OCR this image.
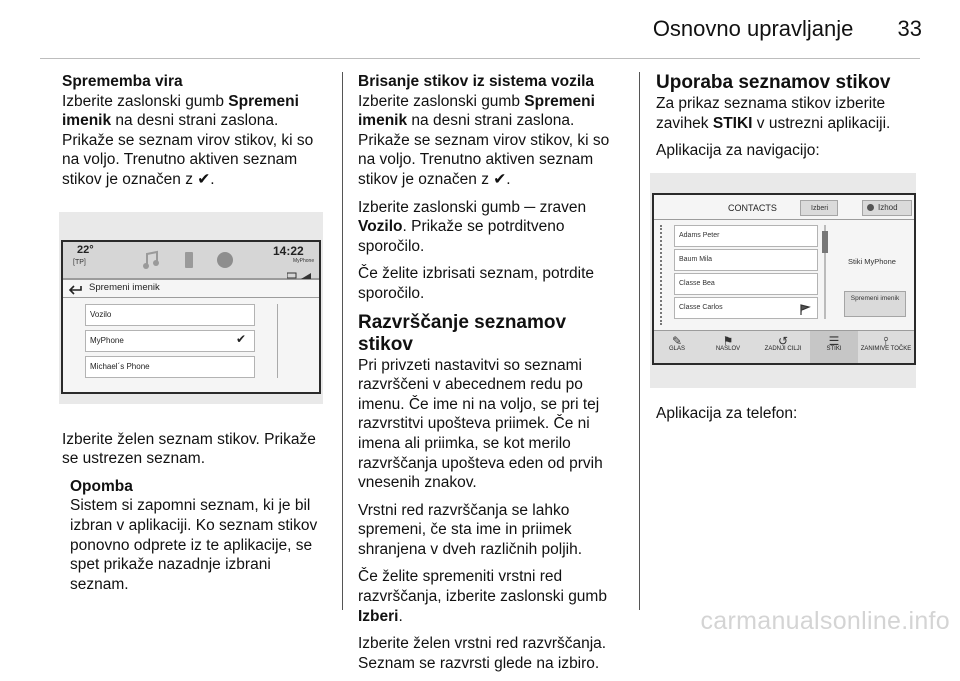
Osnovno upravljanje 33
Sprememba vira

Izberite zaslonski gumb Spremeni imenik na desni strani zaslona. Prikaže se seznam virov stikov, ki so na voljo. Trenutno aktiven seznam stikov je označen z ✔.

22°
[TP]
14:22
MyPhone
Spremeni imenik
Vozilo
MyPhone	✔
Michael´s Phone

Izberite želen seznam stikov. Prikaže se ustrezen seznam.

Opomba

Sistem si zapomni seznam, ki je bil izbran v aplikaciji. Ko seznam stikov ponovno odprete iz te aplikacije, se spet prikaže nazadnje izbrani seznam.

Brisanje stikov iz sistema vozila

Izberite zaslonski gumb Spremeni imenik na desni strani zaslona. Prikaže se seznam virov stikov, ki so na voljo. Trenutno aktiven seznam stikov je označen z ✔.

Izberite zaslonski gumb ─ zraven Vozilo. Prikaže se potrditveno sporočilo.

Če želite izbrisati seznam, potrdite sporočilo.

Razvrščanje seznamov stikov

Pri privzeti nastavitvi so seznami razvrščeni v abecednem redu po imenu. Če ime ni na voljo, se pri tej razvrstitvi upošteva priimek. Če ni imena ali priimka, se kot merilo razvrščanja upošteva eden od prvih vnesenih znakov.

Vrstni red razvrščanja se lahko spremeni, če sta ime in priimek shranjena v dveh različnih poljih.

Če želite spremeniti vrstni red razvrščanja, izberite zaslonski gumb Izberi.

Izberite želen vrstni red razvrščanja. Seznam se razvrsti glede na izbiro.

Uporaba seznamov stikov

Za prikaz seznama stikov izberite zavihek STIKI v ustrezni aplikaciji.

Aplikacija za navigacijo:

CONTACTS	Izberi	Izhod
Adams Peter
Baum Mila
Classe Bea
Classe Carlos
Stiki MyPhone
Spremeni imenik
✎
GLAS
⚑
NASLOV
↺
ZADNJI CILJI
☰
STIKI
⫯
ZANIMIVE TOČKE

Aplikacija za telefon:

carmanualsonline.info
